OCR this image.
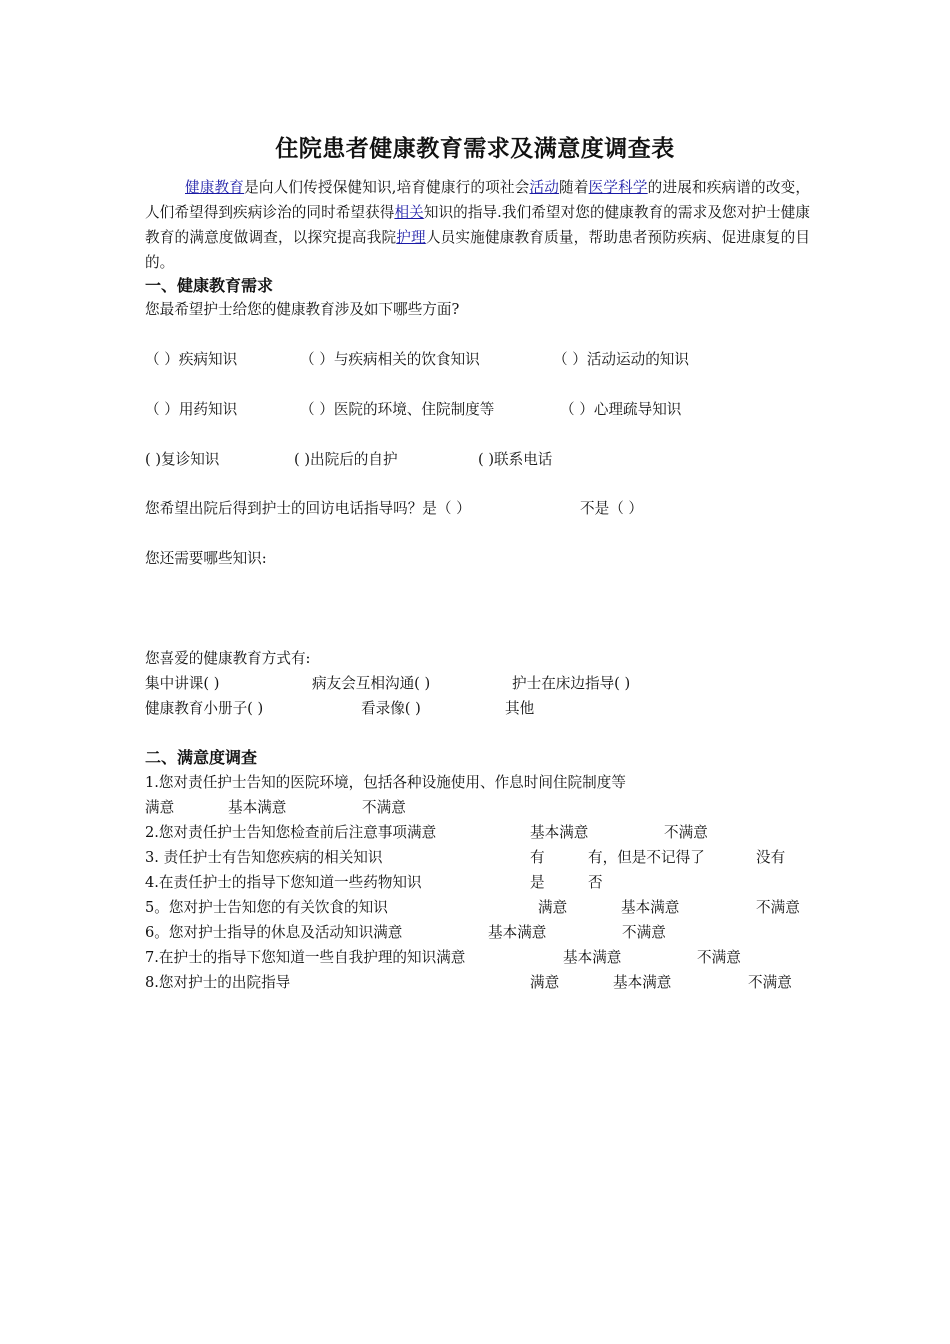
住院患者健康教育需求及满意度调查表

健康教育是向人们传授保健知识,培育健康行的项社会活动随着医学科学的进展和疾病谱的改变，人们希望得到疾病诊治的同时希望获得相关知识的指导.我们希望对您的健康教育的需求及您对护士健康教育的满意度做调查，以探究提高我院护理人员实施健康教育质量，帮助患者预防疾病、促进康复的目的。

一、健康教育需求

您最希望护士给您的健康教育涉及如下哪些方面?

（ ）疾病知识	（ ）与疾病相关的饮食知识	（ ）活动运动的知识
（ ）用药知识	（ ）医院的环境、住院制度等	（ ）心理疏导知识
( )复诊知识	( )出院后的自护	( )联系电话
您希望出院后得到护士的回访电话指导吗？是（ ）	不是（ ）

您还需要哪些知识:

您喜爱的健康教育方式有:

集中讲课( )	病友会互相沟通( )	护士在床边指导( )
健康教育小册子( )	看录像( )	其他
二、满意度调查

1.您对责任护士告知的医院环境，包括各种设施使用、作息时间住院制度等

满意	基本满意	不满意
2.您对责任护士告知您检查前后注意事项满意	基本满意	不满意
3. 责任护士有告知您疾病的相关知识	有	有，但是不记得了	没有
4.在责任护士的指导下您知道一些药物知识	是	否
5。您对护士告知您的有关饮食的知识	满意	基本满意	不满意
6。您对护士指导的休息及活动知识满意	基本满意	不满意
7.在护士的指导下您知道一些自我护理的知识满意	基本满意	不满意
8.您对护士的出院指导	满意	基本满意	不满意
